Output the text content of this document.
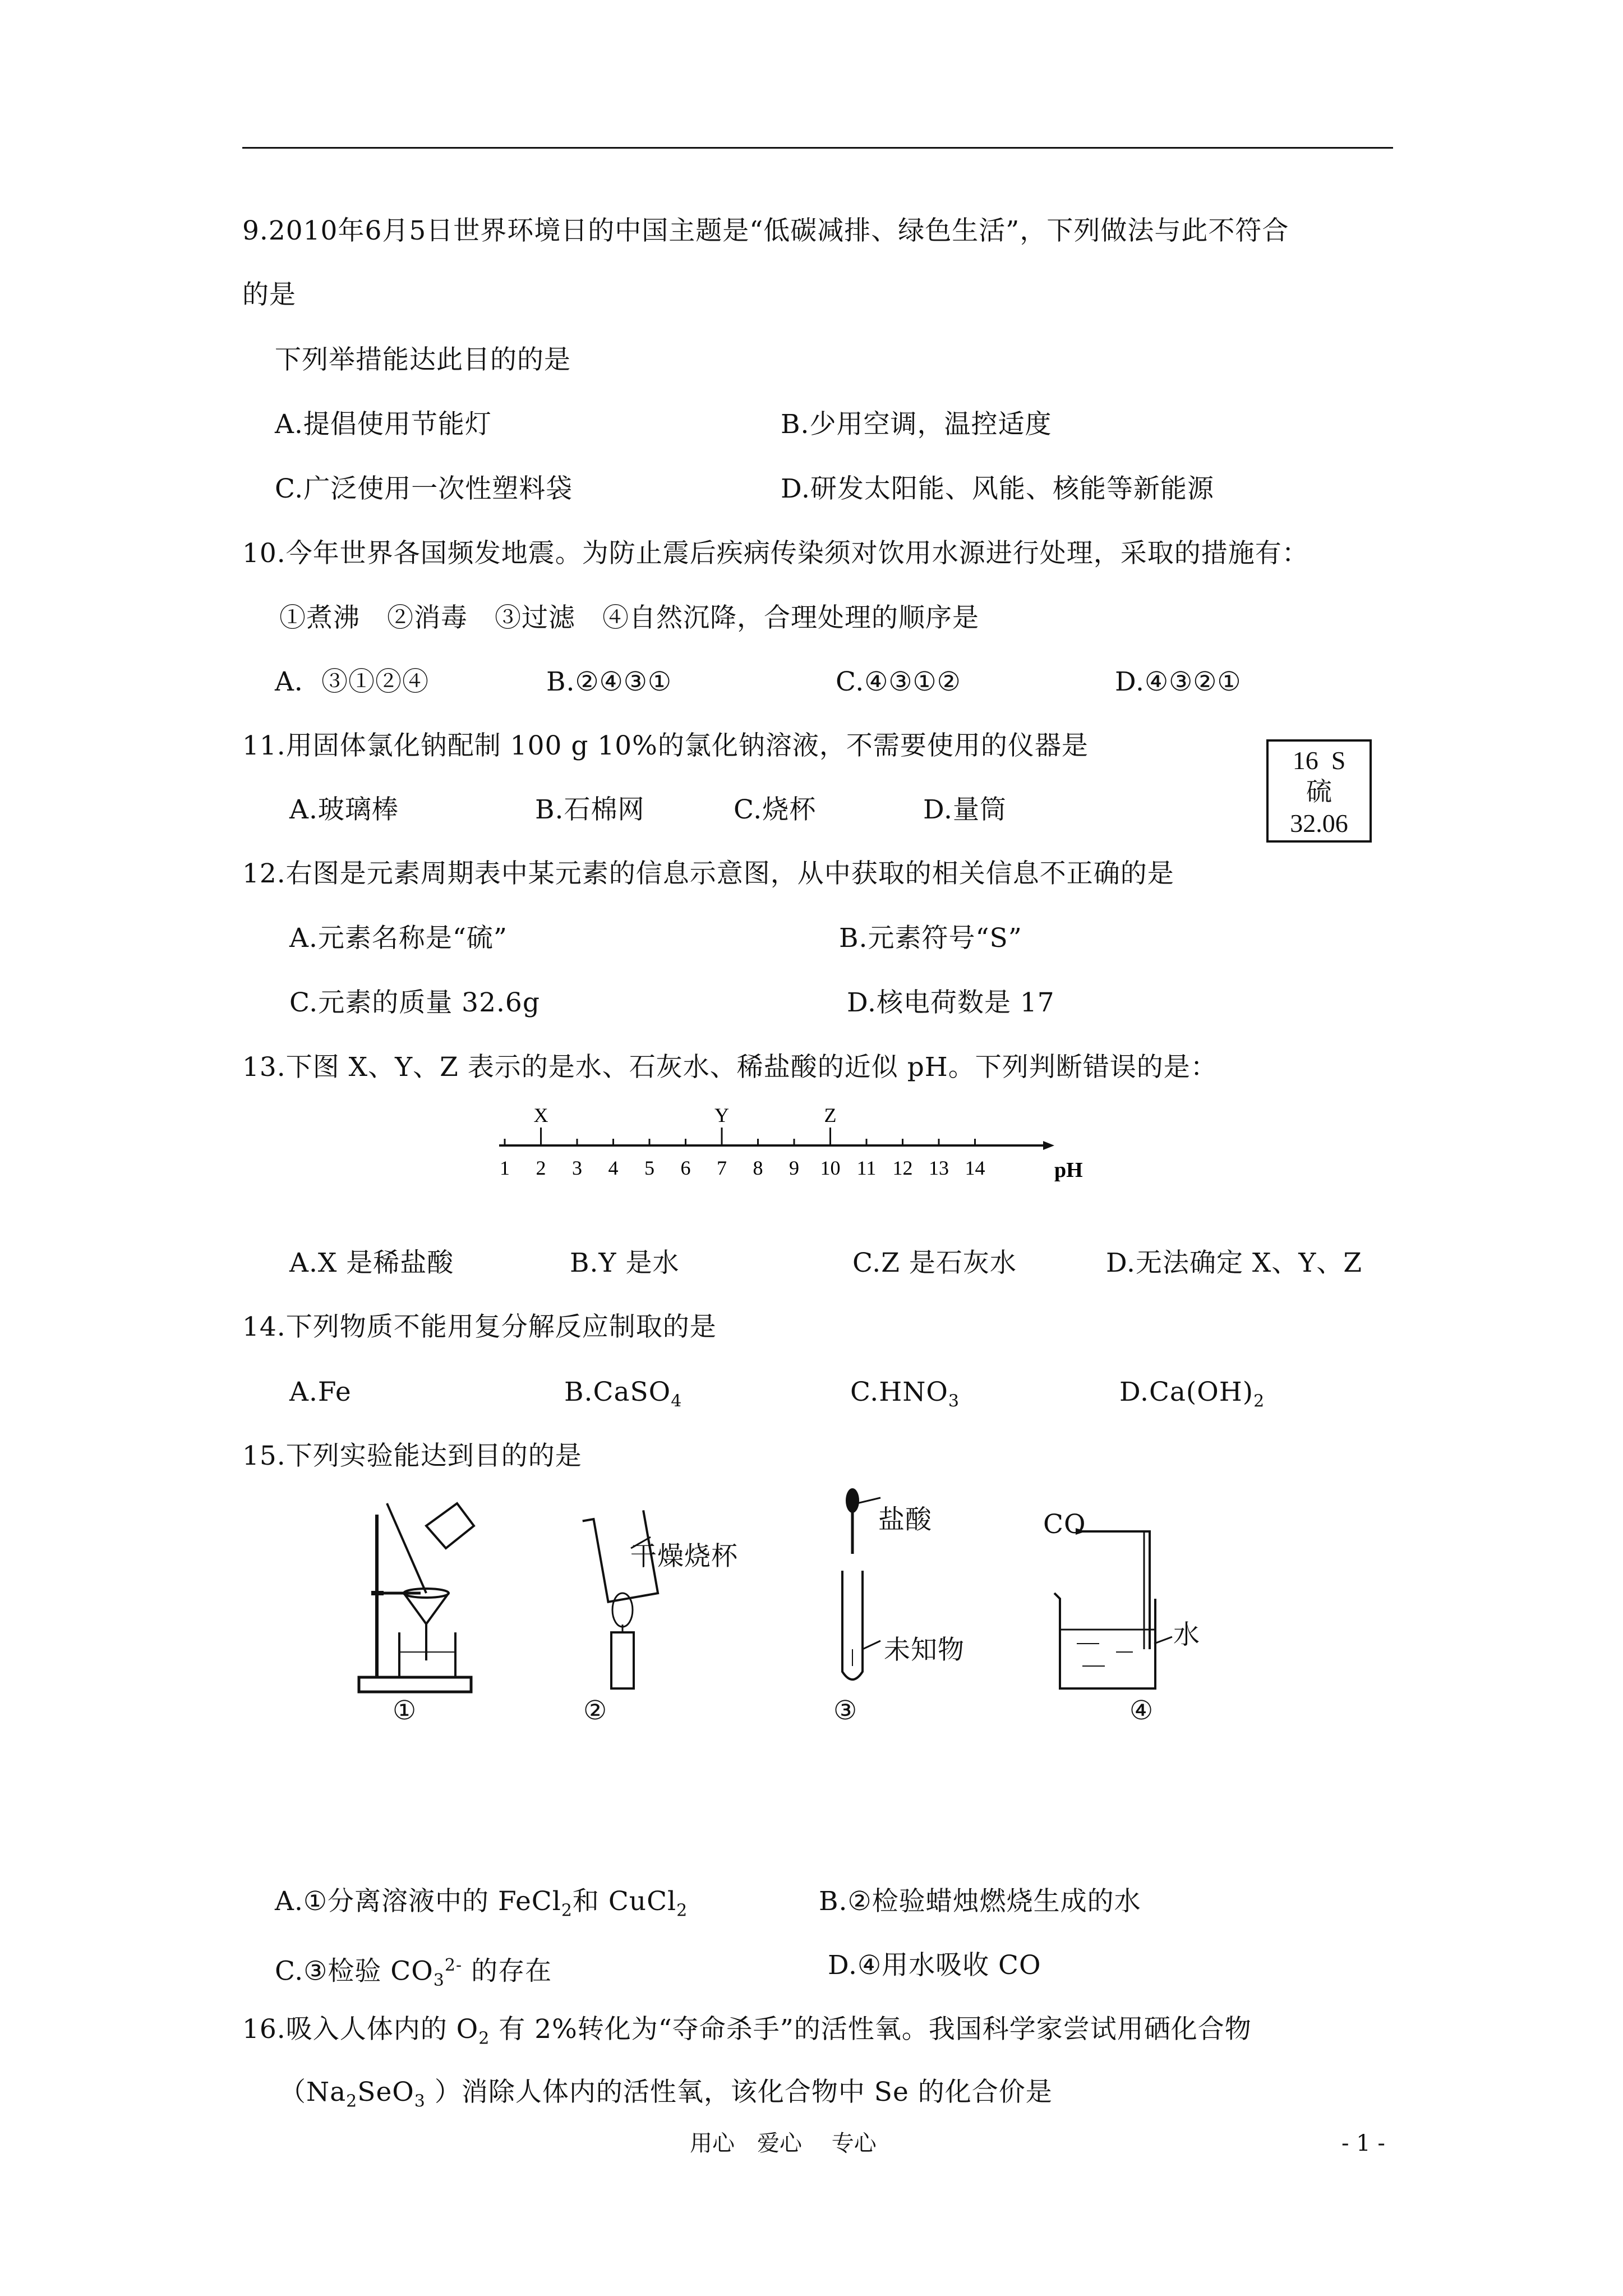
9.2010年6月5日世界环境日的中国主题是“低碳减排、绿色生活”，下列做法与此不符合
的是
下列举措能达此目的的是
A.提倡使用节能灯	B.少用空调，温控适度
C.广泛使用一次性塑料袋	D.研发太阳能、风能、核能等新能源
10.今年世界各国频发地震。为防止震后疾病传染须对饮用水源进行处理，采取的措施有：
①煮沸　②消毒　③过滤　④自然沉降，合理处理的顺序是
A．③①②④	B.②④③①	C.④③①②	D.④③②①
11.用固体氯化钠配制 100 g 10%的氯化钠溶液，不需要使用的仪器是
A.玻璃棒	B.石棉网	C.烧杯	D.量筒
16  S
硫
32.06
12.右图是元素周期表中某元素的信息示意图，从中获取的相关信息不正确的是
A.元素名称是“硫”	B.元素符号“S”
C.元素的质量 32.6g	D.核电荷数是 17
13.下图 X、Y、Z 表示的是水、石灰水、稀盐酸的近似 pH。下列判断错误的是：
1 2 3 4 5 6 7 8 9 10 11 12 13 14
X	Y	Z
pH
A.X 是稀盐酸	B.Y 是水	C.Z 是石灰水	D.无法确定 X、Y、Z
14.下列物质不能用复分解反应制取的是
A.Fe	B.CaSO$_4$	$C.HNO_3$	$D.Ca(OH)_2$
15.下列实验能达到目的的是
①
干燥烧杯
②
盐酸
未知物
③
CO
水
④
A.①分离溶液中的 FeCl$_2$和 CuCl$_2$	B.②检验蜡烛燃烧生成的水
C.③检验 $CO_3^{2-}$ 的存在	D.④用水吸收 CO
16.吸入人体内的 $O_2$ 有 2%转化为“夺命杀手”的活性氧。我国科学家尝试用硒化合物
（$Na_2SeO_3$ ）消除人体内的活性氧，该化合物中 Se 的化合价是
用心　爱心　 专心	- 1 -
